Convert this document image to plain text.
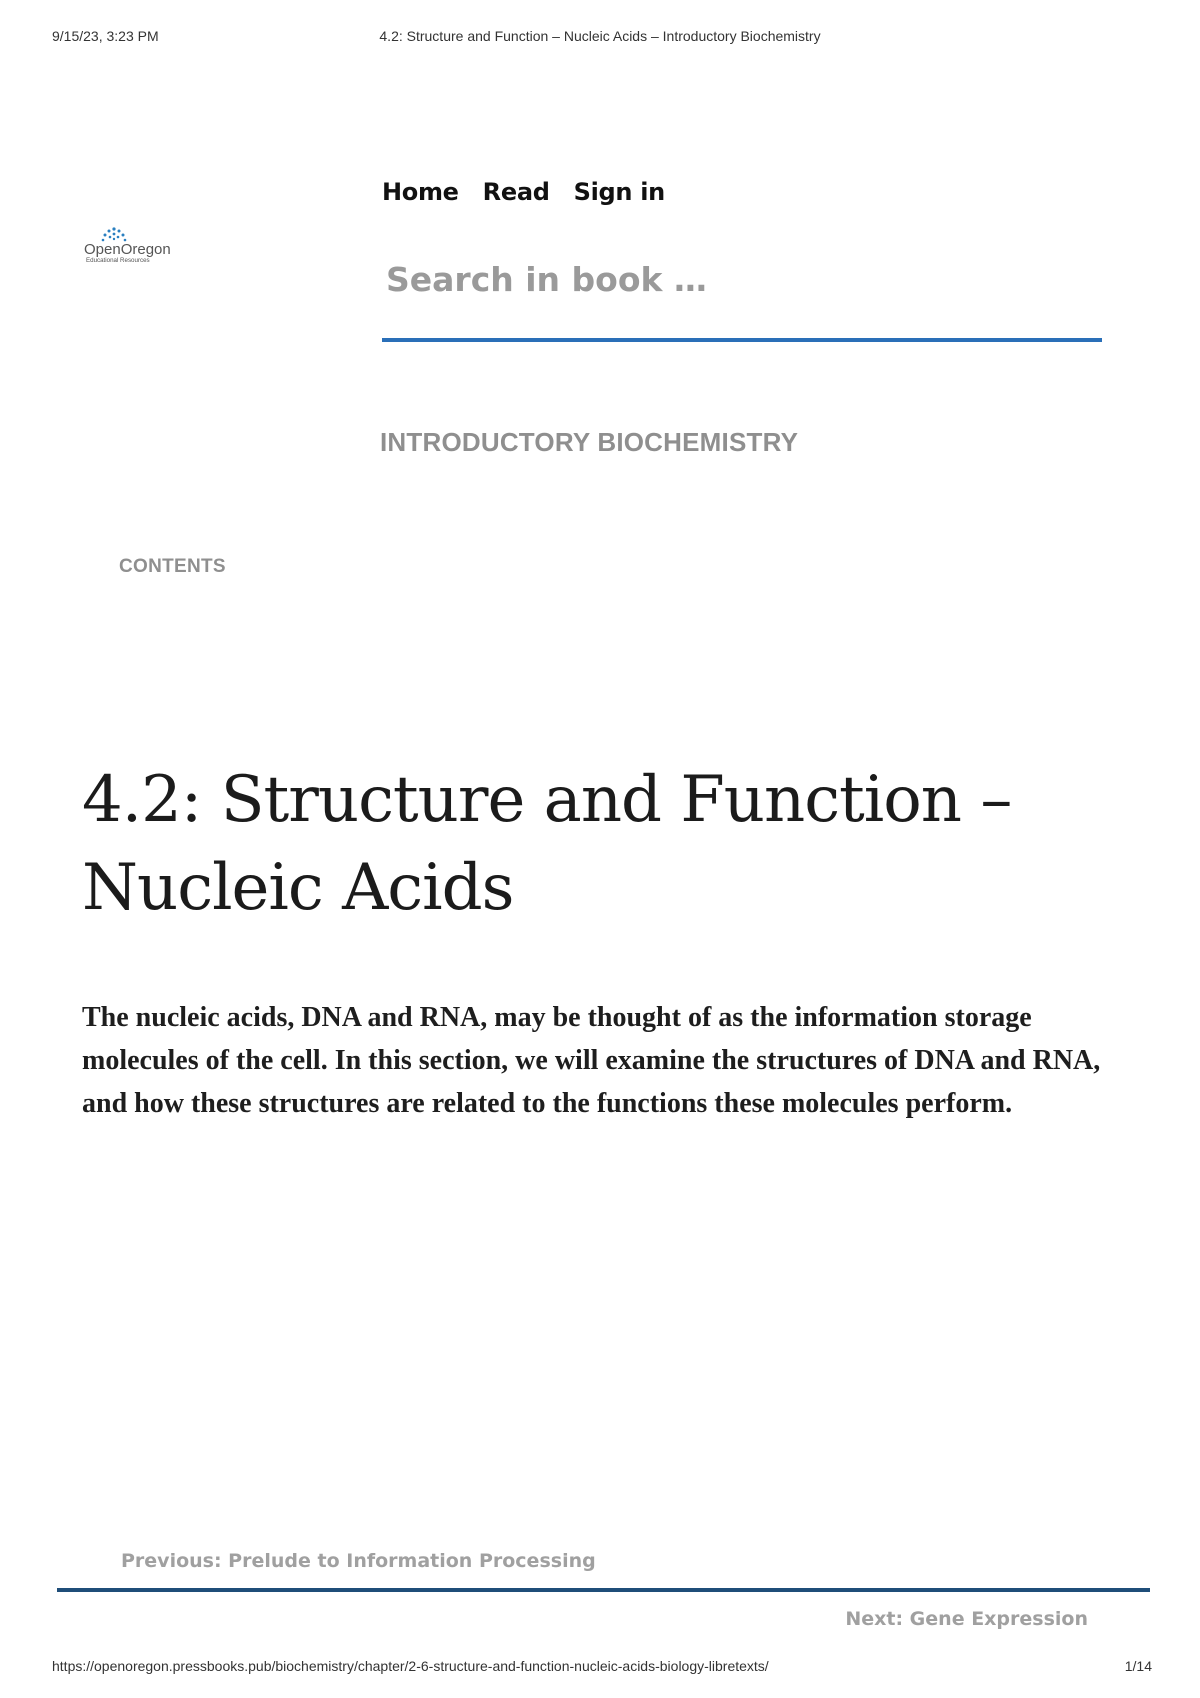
9/15/23, 3:23 PM	4.2: Structure and Function – Nucleic Acids – Introductory Biochemistry
OpenOregon
Educational Resources
Home Read Sign in
Search in book …
INTRODUCTORY BIOCHEMISTRY
CONTENTS
4.2: Structure and Function – Nucleic Acids

The nucleic acids, DNA and RNA, may be thought of as the information storage molecules of the cell. In this section, we will examine the structures of DNA and RNA, and how these structures are related to the functions these molecules perform.

Previous: Prelude to Information Processing
Next: Gene Expression
https://openoregon.pressbooks.pub/biochemistry/chapter/2-6-structure-and-function-nucleic-acids-biology-libretexts/	1/14
